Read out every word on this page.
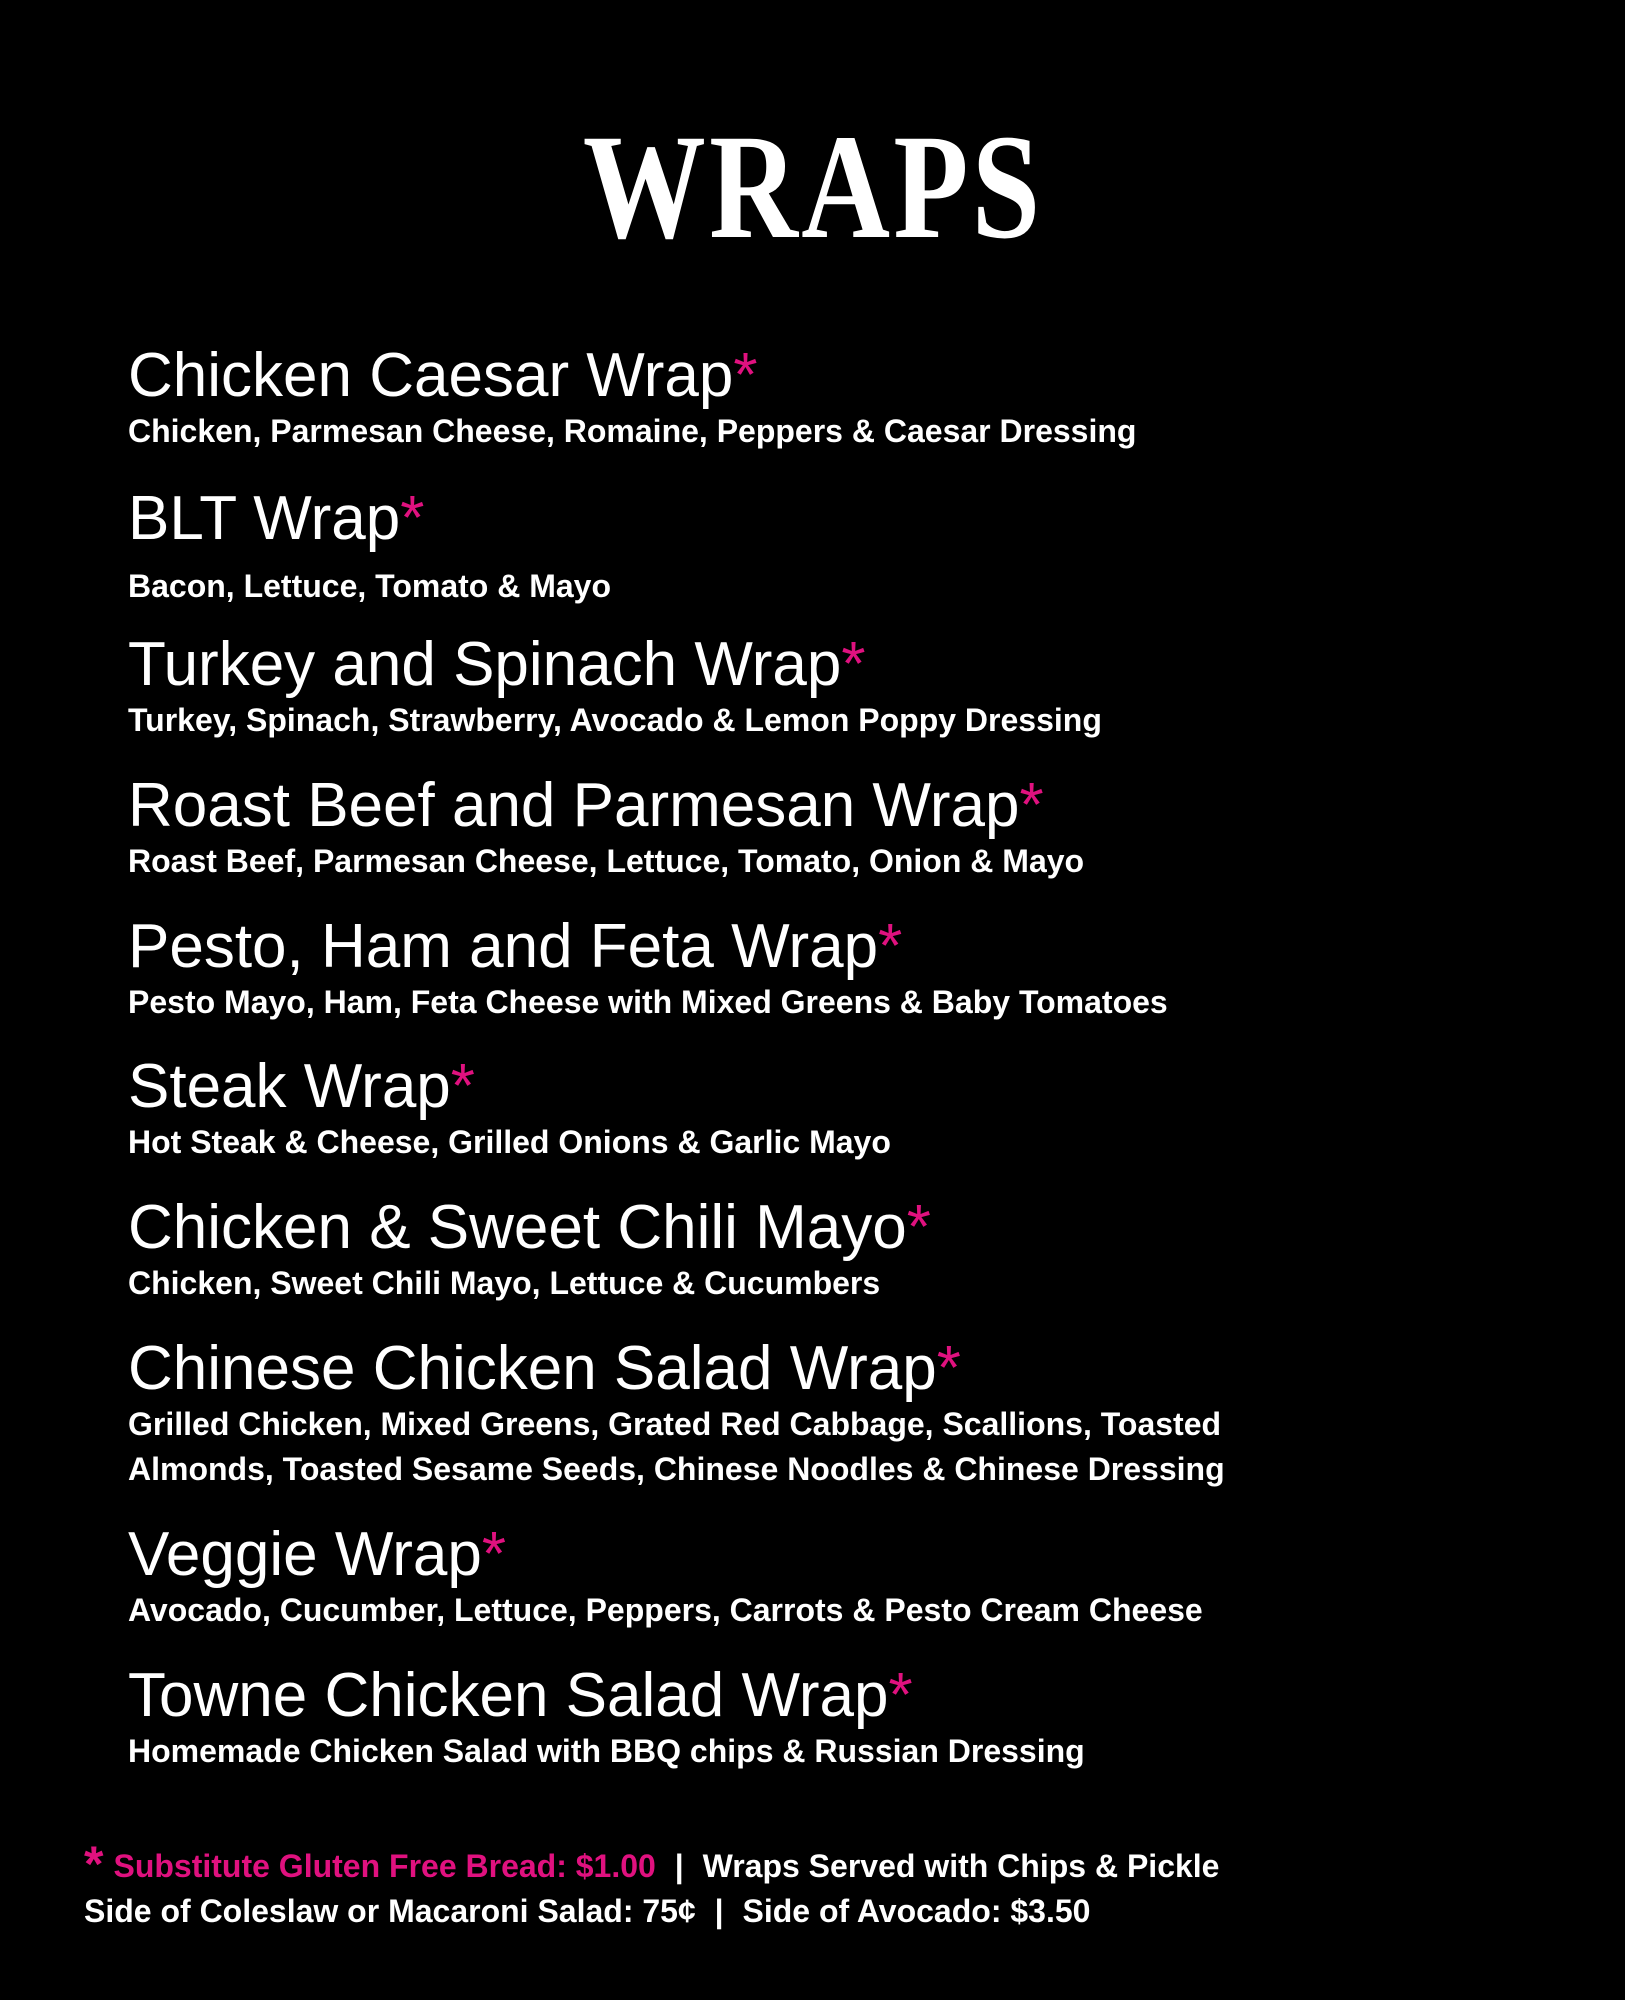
WRAPS
Chicken Caesar Wrap*
Chicken, Parmesan Cheese, Romaine, Peppers & Caesar Dressing
BLT Wrap*
Bacon, Lettuce, Tomato & Mayo
Turkey and Spinach Wrap*
Turkey, Spinach, Strawberry, Avocado & Lemon Poppy Dressing
Roast Beef and Parmesan Wrap*
Roast Beef, Parmesan Cheese, Lettuce, Tomato, Onion & Mayo
Pesto, Ham and Feta Wrap*
Pesto Mayo, Ham, Feta Cheese with Mixed Greens & Baby Tomatoes
Steak Wrap*
Hot Steak & Cheese, Grilled Onions & Garlic Mayo
Chicken & Sweet Chili Mayo*
Chicken, Sweet Chili Mayo, Lettuce & Cucumbers
Chinese Chicken Salad Wrap*
Grilled Chicken, Mixed Greens, Grated Red Cabbage, Scallions, Toasted
Almonds, Toasted Sesame Seeds, Chinese Noodles & Chinese Dressing
Veggie Wrap*
Avocado, Cucumber, Lettuce, Peppers, Carrots & Pesto Cream Cheese
Towne Chicken Salad Wrap*
Homemade Chicken Salad with BBQ chips & Russian Dressing
* Substitute Gluten Free Bread: $1.00 | Wraps Served with Chips & Pickle
Side of Coleslaw or Macaroni Salad: 75¢ | Side of Avocado: $3.50
